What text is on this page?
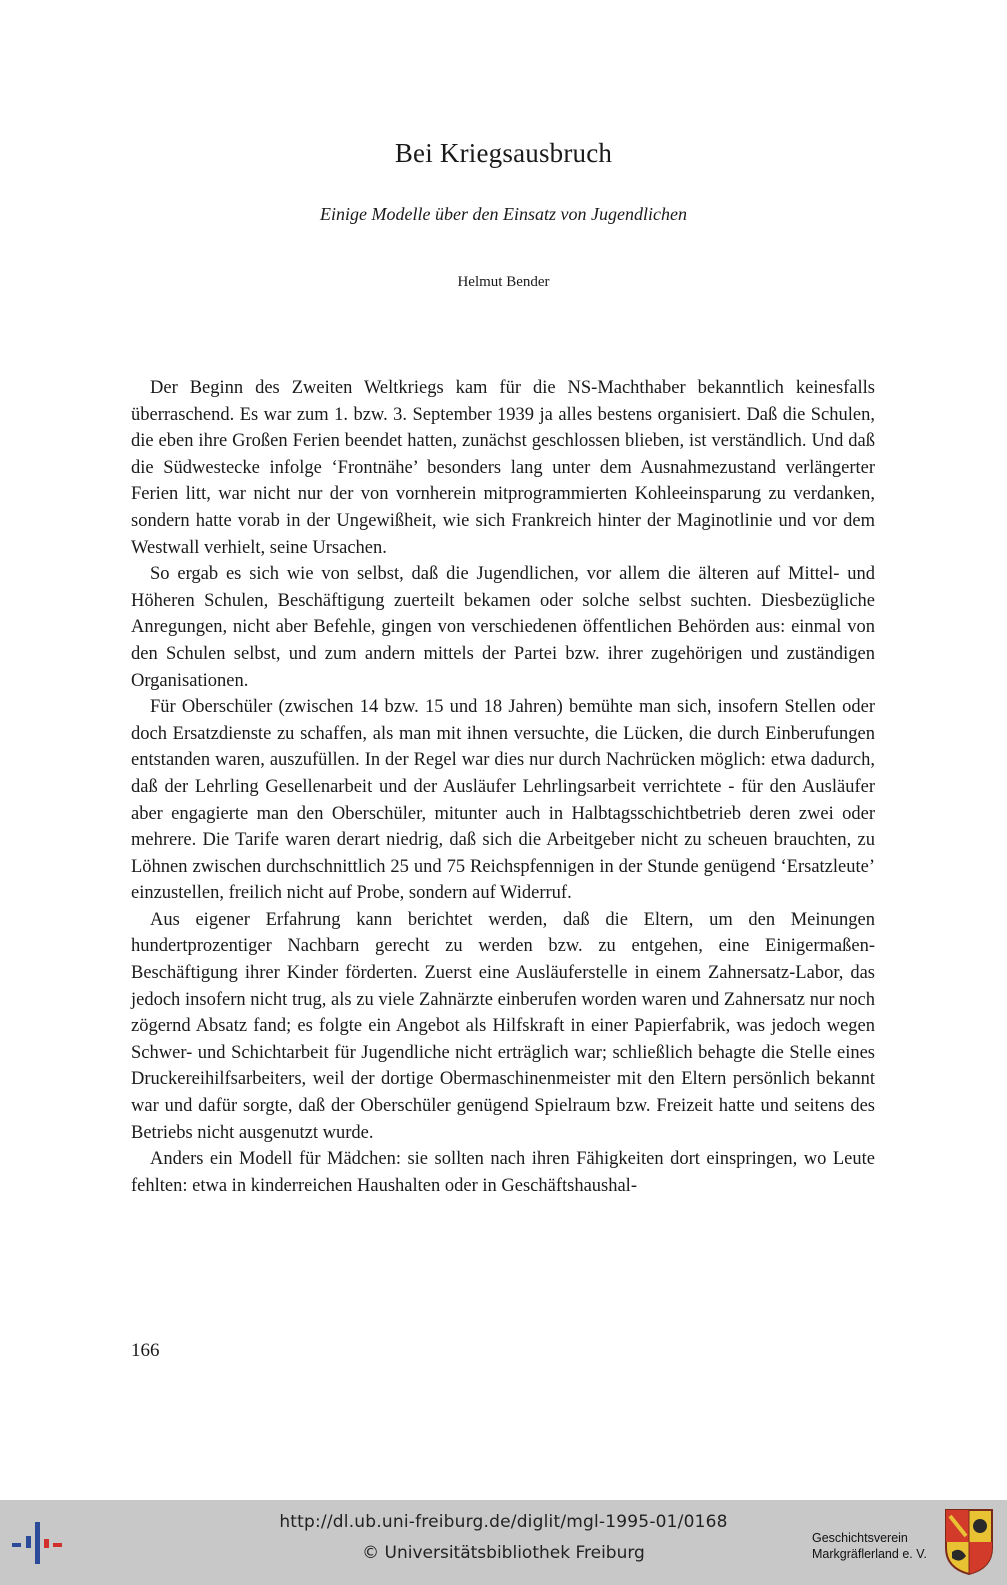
Bei Kriegsausbruch
Einige Modelle über den Einsatz von Jugendlichen
Helmut Bender

Der Beginn des Zweiten Weltkriegs kam für die NS-Machthaber bekanntlich keinesfalls überraschend. Es war zum 1. bzw. 3. September 1939 ja alles bestens organisiert. Daß die Schulen, die eben ihre Großen Ferien beendet hatten, zunächst geschlossen blieben, ist verständlich. Und daß die Südwestecke infolge ‘Frontnähe’ besonders lang unter dem Ausnahmezustand verlängerter Ferien litt, war nicht nur der von vornherein mitprogrammierten Kohleeinsparung zu verdanken, sondern hatte vorab in der Ungewißheit, wie sich Frankreich hinter der Maginotlinie und vor dem Westwall verhielt, seine Ursachen.

So ergab es sich wie von selbst, daß die Jugendlichen, vor allem die älteren auf Mittel- und Höheren Schulen, Beschäftigung zuerteilt bekamen oder solche selbst suchten. Diesbezügliche Anregungen, nicht aber Befehle, gingen von verschiedenen öffentlichen Behörden aus: einmal von den Schulen selbst, und zum andern mittels der Partei bzw. ihrer zugehörigen und zuständigen Organisationen.

Für Oberschüler (zwischen 14 bzw. 15 und 18 Jahren) bemühte man sich, insofern Stellen oder doch Ersatzdienste zu schaffen, als man mit ihnen versuchte, die Lücken, die durch Einberufungen entstanden waren, auszufüllen. In der Regel war dies nur durch Nachrücken möglich: etwa dadurch, daß der Lehrling Gesellenarbeit und der Ausläufer Lehrlingsarbeit verrichtete - für den Ausläufer aber engagierte man den Oberschüler, mitunter auch in Halbtagsschichtbetrieb deren zwei oder mehrere. Die Tarife waren derart niedrig, daß sich die Arbeitgeber nicht zu scheuen brauchten, zu Löhnen zwischen durchschnittlich 25 und 75 Reichspfennigen in der Stunde genügend ‘Ersatzleute’ einzustellen, freilich nicht auf Probe, sondern auf Widerruf.

Aus eigener Erfahrung kann berichtet werden, daß die Eltern, um den Meinungen hundertprozentiger Nachbarn gerecht zu werden bzw. zu entgehen, eine Einigermaßen-Beschäftigung ihrer Kinder förderten. Zuerst eine Ausläuferstelle in einem Zahnersatz-Labor, das jedoch insofern nicht trug, als zu viele Zahnärzte einberufen worden waren und Zahnersatz nur noch zögernd Absatz fand; es folgte ein Angebot als Hilfskraft in einer Papierfabrik, was jedoch wegen Schwer- und Schichtarbeit für Jugendliche nicht erträglich war; schließlich behagte die Stelle eines Druckereihilfsarbeiters, weil der dortige Obermaschinenmeister mit den Eltern persönlich bekannt war und dafür sorgte, daß der Oberschüler genügend Spielraum bzw. Freizeit hatte und seitens des Betriebs nicht ausgenutzt wurde.

Anders ein Modell für Mädchen: sie sollten nach ihren Fähigkeiten dort einspringen, wo Leute fehlten: etwa in kinderreichen Haushalten oder in Geschäftshaushal-

166
http://dl.ub.uni-freiburg.de/diglit/mgl-1995-01/0168
© Universitätsbibliothek Freiburg
Geschichtsverein
Markgräflerland e. V.
